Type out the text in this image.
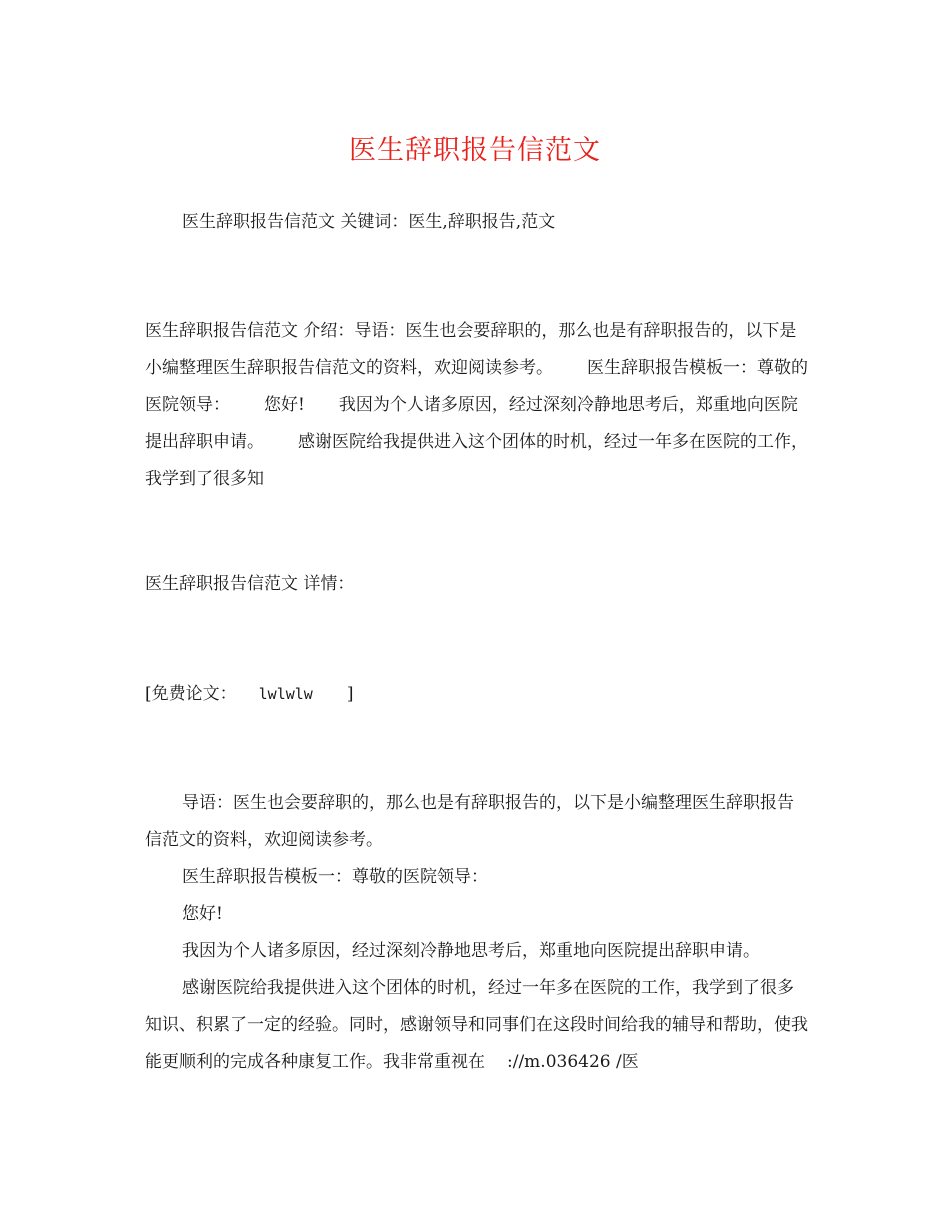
医生辞职报告信范文
医生辞职报告信范文 关键词：医生,辞职报告,范文
医生辞职报告信范文 介绍：导语：医生也会要辞职的，那么也是有辞职报告的，以下是小编整理医生辞职报告信范文的资料，欢迎阅读参考。 医生辞职报告模板一：尊敬的医院领导： 您好! 我因为个人诸多原因，经过深刻冷静地思考后，郑重地向医院提出辞职申请。 感谢医院给我提供进入这个团体的时机，经过一年多在医院的工作，我学到了很多知
医生辞职报告信范文 详情：
[免费论文： lwlwlw ]

导语：医生也会要辞职的，那么也是有辞职报告的，以下是小编整理医生辞职报告信范文的资料，欢迎阅读参考。

医生辞职报告模板一：尊敬的医院领导：

您好!

我因为个人诸多原因，经过深刻冷静地思考后，郑重地向医院提出辞职申请。

感谢医院给我提供进入这个团体的时机，经过一年多在医院的工作，我学到了很多知识、积累了一定的经验。同时，感谢领导和同事们在这段时间给我的辅导和帮助，使我能更顺利的完成各种康复工作。我非常重视在 ://m.036426 /医
